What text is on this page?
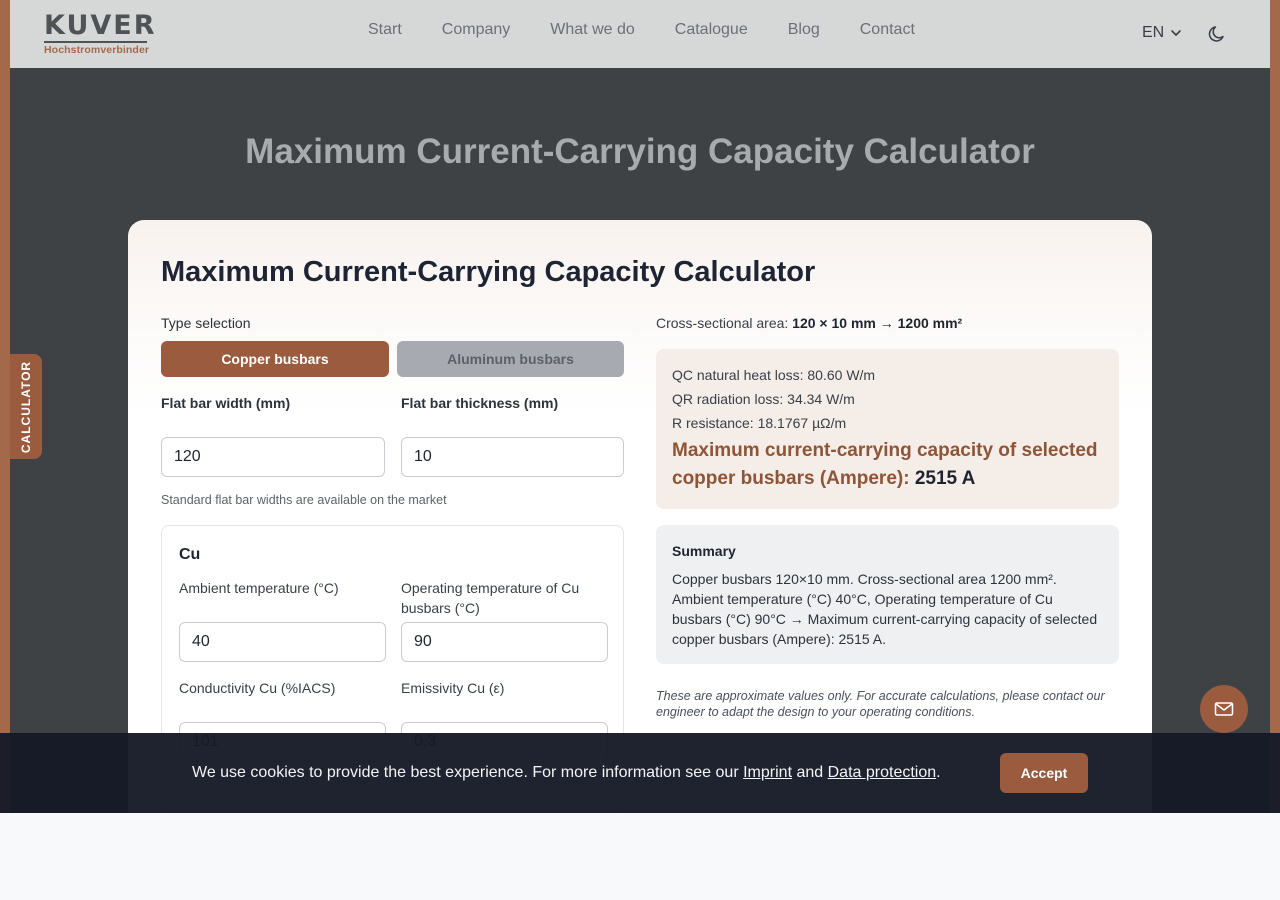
KUVER
Hochstromverbinder
Start	Company	What we do	Catalogue	Blog	Contact	EN
Maximum Current-Carrying Capacity Calculator
Maximum Current-Carrying Capacity Calculator
Type selection
Copper busbars	Aluminum busbars
Flat bar width (mm)	Flat bar thickness (mm)
120	10
Standard flat bar widths are available on the market
Cu
Ambient temperature (°C)	Operating temperature of Cu busbars (°C)
40	90
Conductivity Cu (%IACS)	Emissivity Cu (ε)
Cross-sectional area: 120 × 10 mm → 1200 mm²
QC natural heat loss: 80.60 W/m
QR radiation loss: 34.34 W/m
R resistance: 18.1767 µΩ/m
Maximum current-carrying capacity of selected copper busbars (Ampere): 2515 A
Summary
Copper busbars 120×10 mm. Cross-sectional area 1200 mm². Ambient temperature (°C) 40°C, Operating temperature of Cu busbars (°C) 90°C → Maximum current-carrying capacity of selected copper busbars (Ampere): 2515 A.
These are approximate values only. For accurate calculations, please contact our engineer to adapt the design to your operating conditions.
CALCULATOR
We use cookies to provide the best experience. For more information see our Imprint and Data protection.	Accept
